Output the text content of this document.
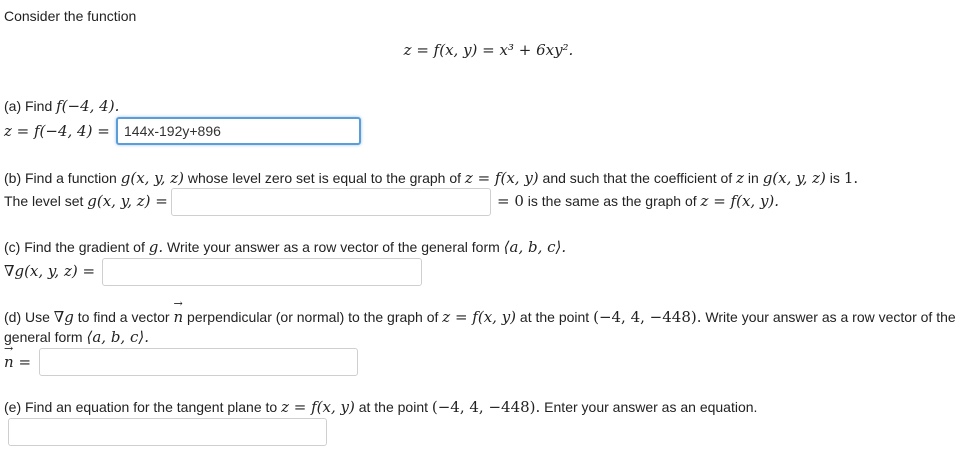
Consider the function
z = f(x, y) = x³ + 6xy².
(a) Find f(−4, 4).
z = f(−4, 4) =
144x-192y+896
(b) Find a function g(x, y, z) whose level zero set is equal to the graph of z = f(x, y) and such that the coefficient of z in g(x, y, z) is 1.
The level set g(x, y, z) =	= 0 is the same as the graph of z = f(x, y).
(c) Find the gradient of g. Write your answer as a row vector of the general form ⟨a, b, c⟩.
∇g(x, y, z) =
(d) Use ∇g to find a vector → n perpendicular (or normal) to the graph of z = f(x, y) at the point (−4, 4, −448). Write your answer as a row vector of the
general form ⟨a, b, c⟩.
→ n =
(e) Find an equation for the tangent plane to z = f(x, y) at the point (−4, 4, −448). Enter your answer as an equation.
